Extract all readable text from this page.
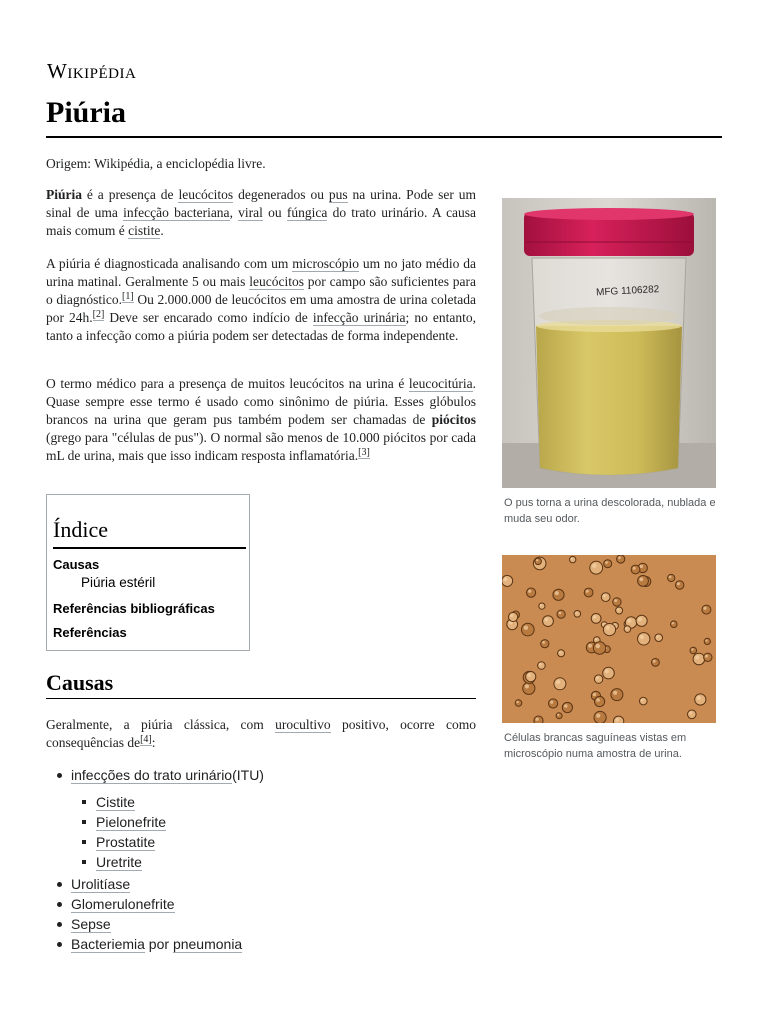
Wikipédia
Piúria
Origem: Wikipédia, a enciclopédia livre.

Piúria é a presença de leucócitos degenerados ou pus na urina. Pode ser um sinal de uma infecção bacteriana, viral ou fúngica do trato urinário. A causa mais comum é cistite.

A piúria é diagnosticada analisando com um microscópio um no jato médio da urina matinal. Geralmente 5 ou mais leucócitos por campo são suficientes para o diagnóstico.[1] Ou 2.000.000 de leucócitos em uma amostra de urina coletada por 24h.[2] Deve ser encarado como indício de infecção urinária; no entanto, tanto a infecção como a piúria podem ser detectadas de forma independente.

O termo médico para a presença de muitos leucócitos na urina é leucocitúria. Quase sempre esse termo é usado como sinônimo de piúria. Esses glóbulos brancos na urina que geram pus também podem ser chamadas de piócitos (grego para "células de pus"). O normal são menos de 10.000 piócitos por cada mL de urina, mais que isso indicam resposta inflamatória.[3]

MFG 1106282
O pus torna a urina descolorada, nublada e muda seu odor.
Células brancas saguíneas vistas em microscópio numa amostra de urina.
Índice
Causas
Piúria estéril
Referências bibliográficas
Referências
Causas

Geralmente, a piúria clássica, com urocultivo positivo, ocorre como consequências de[4]:

infecções do trato urinário(ITU)
Cistite
Pielonefrite
Prostatite
Uretrite
Urolitíase
Glomerulonefrite
Sepse
Bacteriemia por pneumonia
